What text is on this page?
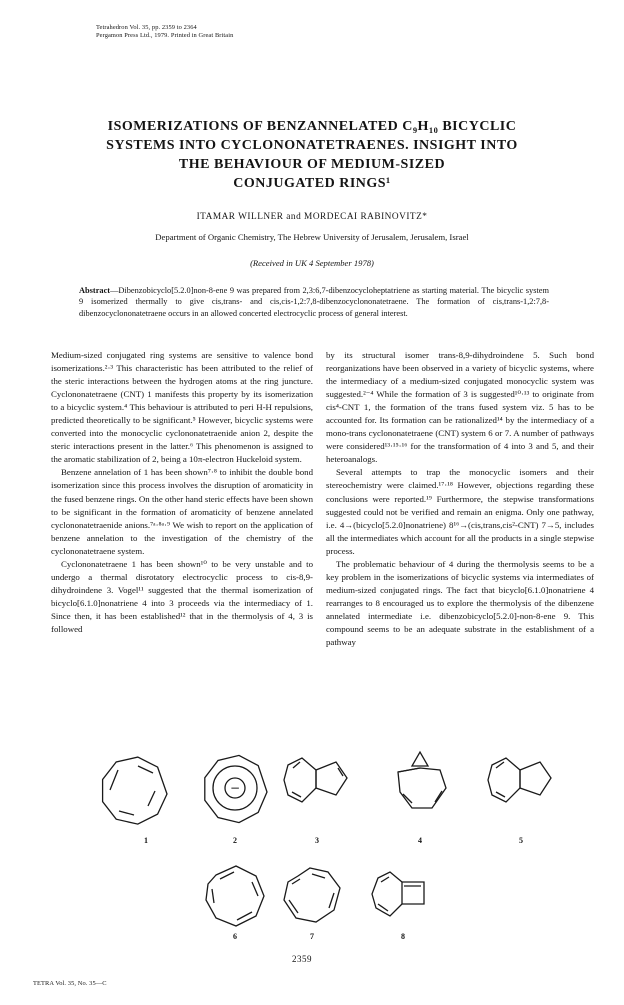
Tetrahedron Vol. 35, pp. 2359 to 2364
Pergamon Press Ltd., 1979. Printed in Great Britain
ISOMERIZATIONS OF BENZANNELATED C₉H₁₀ BICYCLIC
SYSTEMS INTO CYCLONONATETRAENES. INSIGHT INTO
THE BEHAVIOUR OF MEDIUM-SIZED
CONJUGATED RINGS¹
ITAMAR WILLNER and MORDECAI RABINOVITZ*
Department of Organic Chemistry, The Hebrew University of Jerusalem, Jerusalem, Israel
(Received in UK 4 September 1978)
Abstract—Dibenzobicyclo[5.2.0]non-8-ene 9 was prepared from 2,3:6,7-dibenzocycloheptatriene as starting material. The bicyclic system 9 isomerized thermally to give cis,trans- and cis,cis-1,2:7,8-dibenzocyclononatetraene. The formation of cis,trans-1,2:7,8-dibenzocyclononatetraene occurs in an allowed concerted electrocyclic process of general interest.

Medium-sized conjugated ring systems are sensitive to valence bond isomerizations.²·³ This characteristic has been attributed to the relief of the steric interactions between the hydrogen atoms at the ring juncture. Cyclononatetraene (CNT) 1 manifests this property by its isomerization to a bicyclic system.⁴ This behaviour is attributed to peri H-H repulsions, predicted theoretically to be significant.⁵ However, bicyclic systems were converted into the monocyclic cyclononatetraenide anion 2, despite the steric interactions present in the latter.⁶ This phenomenon is assigned to the aromatic stabilization of 2, being a 10π-electron Huckeloid system.

Benzene annelation of 1 has been shown⁷·⁸ to inhibit the double bond isomerization since this process involves the disruption of aromaticity in the fused benzene rings. On the other hand steric effects have been shown to be significant in the formation of aromaticity of benzene annelated cyclononatetraenide anions.⁷ᵃ·⁸ᵃ·⁹ We wish to report on the application of benzene annelation to the investigation of the chemistry of the cyclononatetraene system.

Cyclononatetraene 1 has been shown¹⁰ to be very unstable and to undergo a thermal disrotatory electrocyclic process to cis-8,9-dihydroindene 3. Vogel¹¹ suggested that the thermal isomerization of bicyclo[6.1.0]nonatriene 4 into 3 proceeds via the intermediacy of 1. Since then, it has been established¹² that in the thermolysis of 4, 3 is followed

by its structural isomer trans-8,9-dihydroindene 5. Such bond reorganizations have been observed in a variety of bicyclic systems, where the intermediacy of a medium-sized conjugated monocyclic system was suggested.²⁻⁴ While the formation of 3 is suggested¹⁰·¹³ to originate from cis⁴-CNT 1, the formation of the trans fused system viz. 5 has to be accounted for. Its formation can be rationalized¹⁴ by the intermediacy of a mono-trans cyclononatetraene (CNT) system 6 or 7. A number of pathways were considered¹³·¹⁵·¹⁶ for the transformation of 4 into 3 and 5, and their heteroanalogs.

Several attempts to trap the monocyclic isomers and their stereochemistry were claimed.¹⁷·¹⁸ However, objections regarding these conclusions were reported.¹⁹ Furthermore, the stepwise transformations suggested could not be verified and remain an enigma. Only one pathway, i.e. 4→(bicyclo[5.2.0]nonatriene) 8¹⁶→(cis,trans,cis²-CNT) 7→5, includes all the intermediates which account for all the products in a single stepwise process.

The problematic behaviour of 4 during the thermolysis seems to be a key problem in the isomerizations of bicyclic systems via intermediates of medium-sized conjugated rings. The fact that bicyclo[6.1.0]nonatriene 4 rearranges to 8 encouraged us to explore the thermolysis of the dibenzene annelated intermediate i.e. dibenzobicyclo[5.2.0]-non-8-ene 9. This compound seems to be an adequate substrate in the establishment of a pathway

−
1	2	3	4	5
6	7	8
2359
TETRA Vol. 35, No. 35—C
